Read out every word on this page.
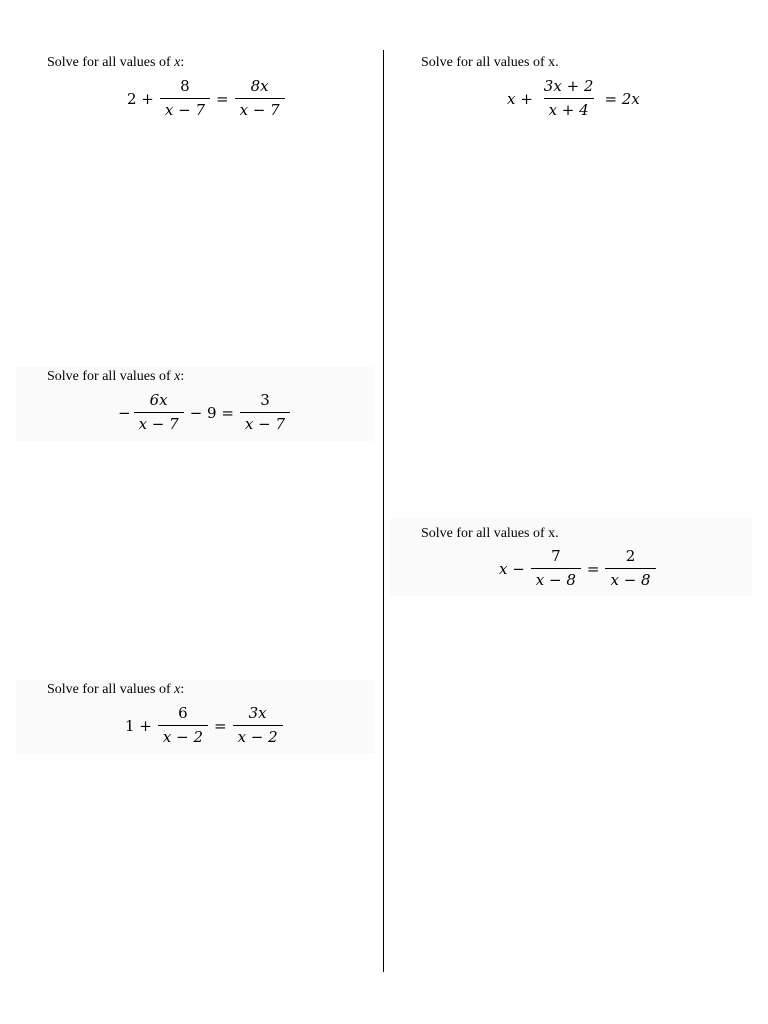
Solve for all values of x:

$2 + \frac{8}{x - 7} = \frac{8x}{x - 7}$

Solve for all values of x.

$x + \frac{3x + 2}{x + 4} = 2x$

Solve for all values of x:

− $\frac{6x}{x - 7} - 9 = \frac{3}{x - 7}$

Solve for all values of x.

$x - \frac{7}{x - 8} = \frac{2}{x - 8}$

Solve for all values of x:

$1 + \frac{6}{x - 2} = \frac{3x}{x - 2}$
